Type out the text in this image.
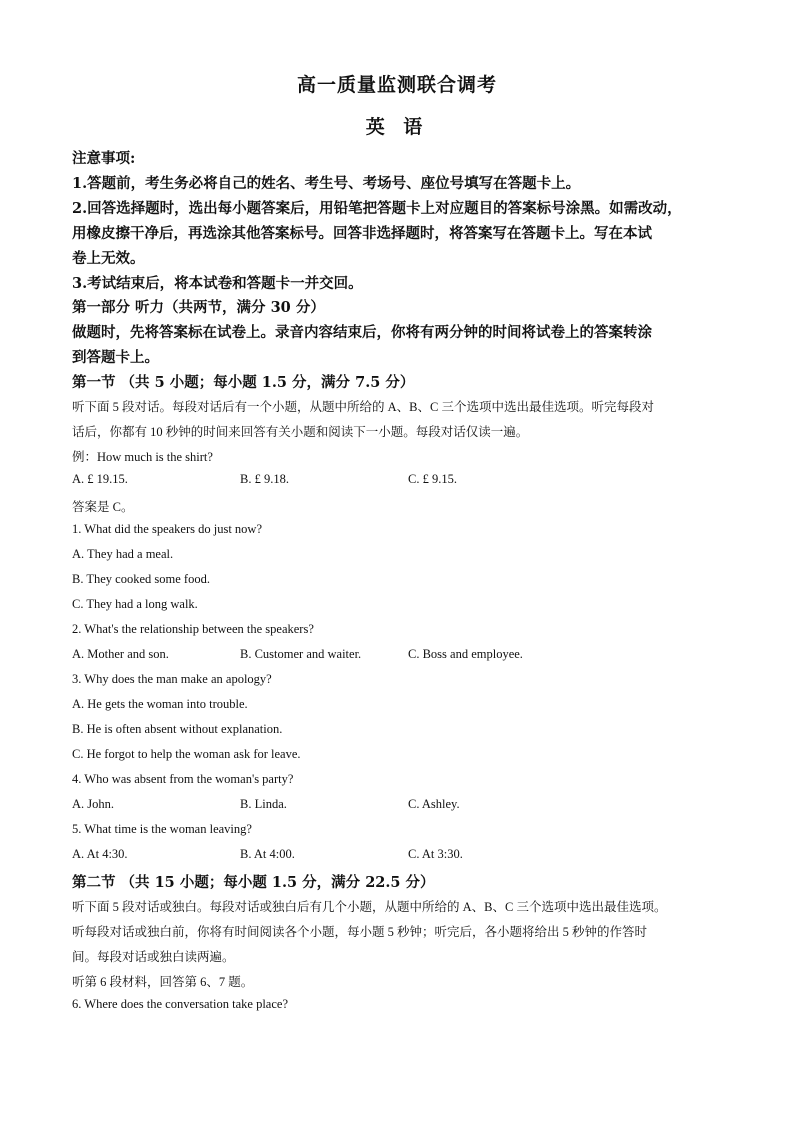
高一质量监测联合调考
英 语
注意事项:
1.答题前，考生务必将自己的姓名、考生号、考场号、座位号填写在答题卡上。
2.回答选择题时，选出每小题答案后，用铅笔把答题卡上对应题目的答案标号涂黑。如需改动，
用橡皮擦干净后，再选涂其他答案标号。回答非选择题时，将答案写在答题卡上。写在本试
卷上无效。
3.考试结束后，将本试卷和答题卡一并交回。
第一部分 听力（共两节，满分 30 分）
做题时，先将答案标在试卷上。录音内容结束后，你将有两分钟的时间将试卷上的答案转涂
到答题卡上。
第一节 （共 5 小题；每小题 1.5 分，满分 7.5 分）
听下面 5 段对话。每段对话后有一个小题，从题中所给的 A、B、C 三个选项中选出最佳选项。听完每段对
话后，你都有 10 秒钟的时间来回答有关小题和阅读下一小题。每段对话仅读一遍。
例：How much is the shirt?
A. £ 19.15.	B. £ 9.18.	C. £ 9.15.
答案是 C。
1. What did the speakers do just now?
A. They had a meal.
B. They cooked some food.
C. They had a long walk.
2. What's the relationship between the speakers?
A. Mother and son.	B. Customer and waiter.	C. Boss and employee.
3. Why does the man make an apology?
A. He gets the woman into trouble.
B. He is often absent without explanation.
C. He forgot to help the woman ask for leave.
4. Who was absent from the woman's party?
A. John.	B. Linda.	C. Ashley.
5. What time is the woman leaving?
A. At 4:30.	B. At 4:00.	C. At 3:30.
第二节 （共 15 小题；每小题 1.5 分，满分 22.5 分）
听下面 5 段对话或独白。每段对话或独白后有几个小题，从题中所给的 A、B、C 三个选项中选出最佳选项。
听每段对话或独白前，你将有时间阅读各个小题，每小题 5 秒钟；听完后，各小题将给出 5 秒钟的作答时
间。每段对话或独白读两遍。
听第 6 段材料，回答第 6、7 题。
6. Where does the conversation take place?
